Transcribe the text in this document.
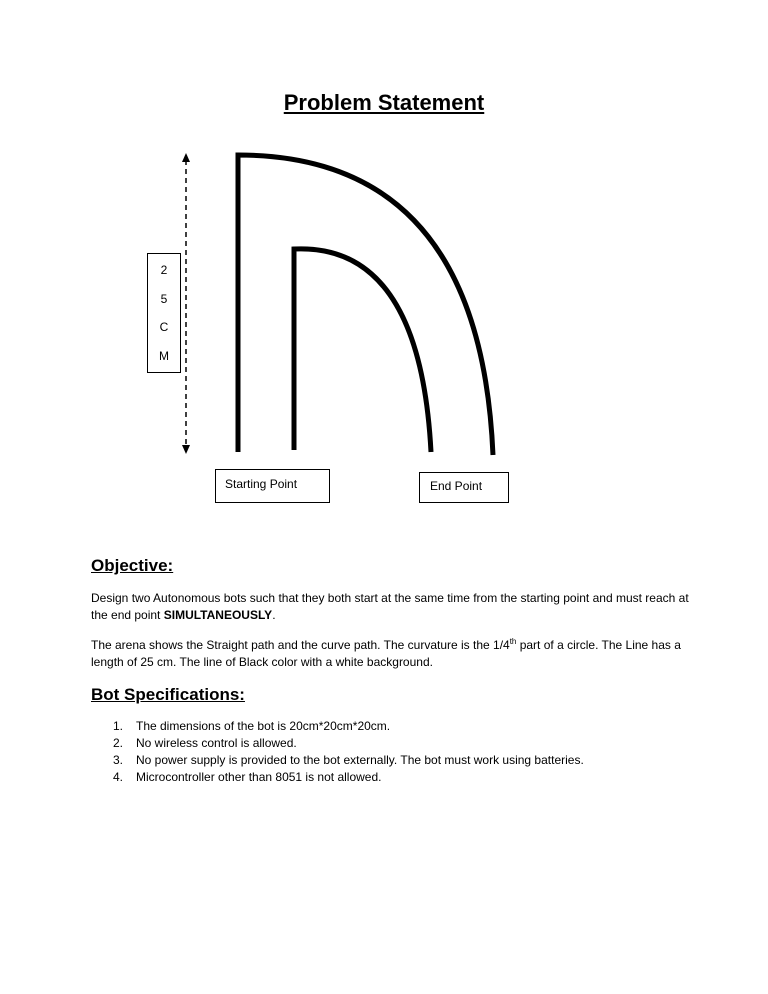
Problem Statement
2
5
C
M
Starting Point	End Point
Objective:
Design two Autonomous bots such that they both start at the same time from the starting point and must reach at the end point SIMULTANEOUSLY.
The arena shows the Straight path and the curve path. The curvature is the 1/4th part of a circle. The Line has a length of 25 cm. The line of Black color with a white background.
Bot Specifications:
1. The dimensions of the bot is 20cm*20cm*20cm.
2. No wireless control is allowed.
3. No power supply is provided to the bot externally. The bot must work using batteries.
4. Microcontroller other than 8051 is not allowed.
